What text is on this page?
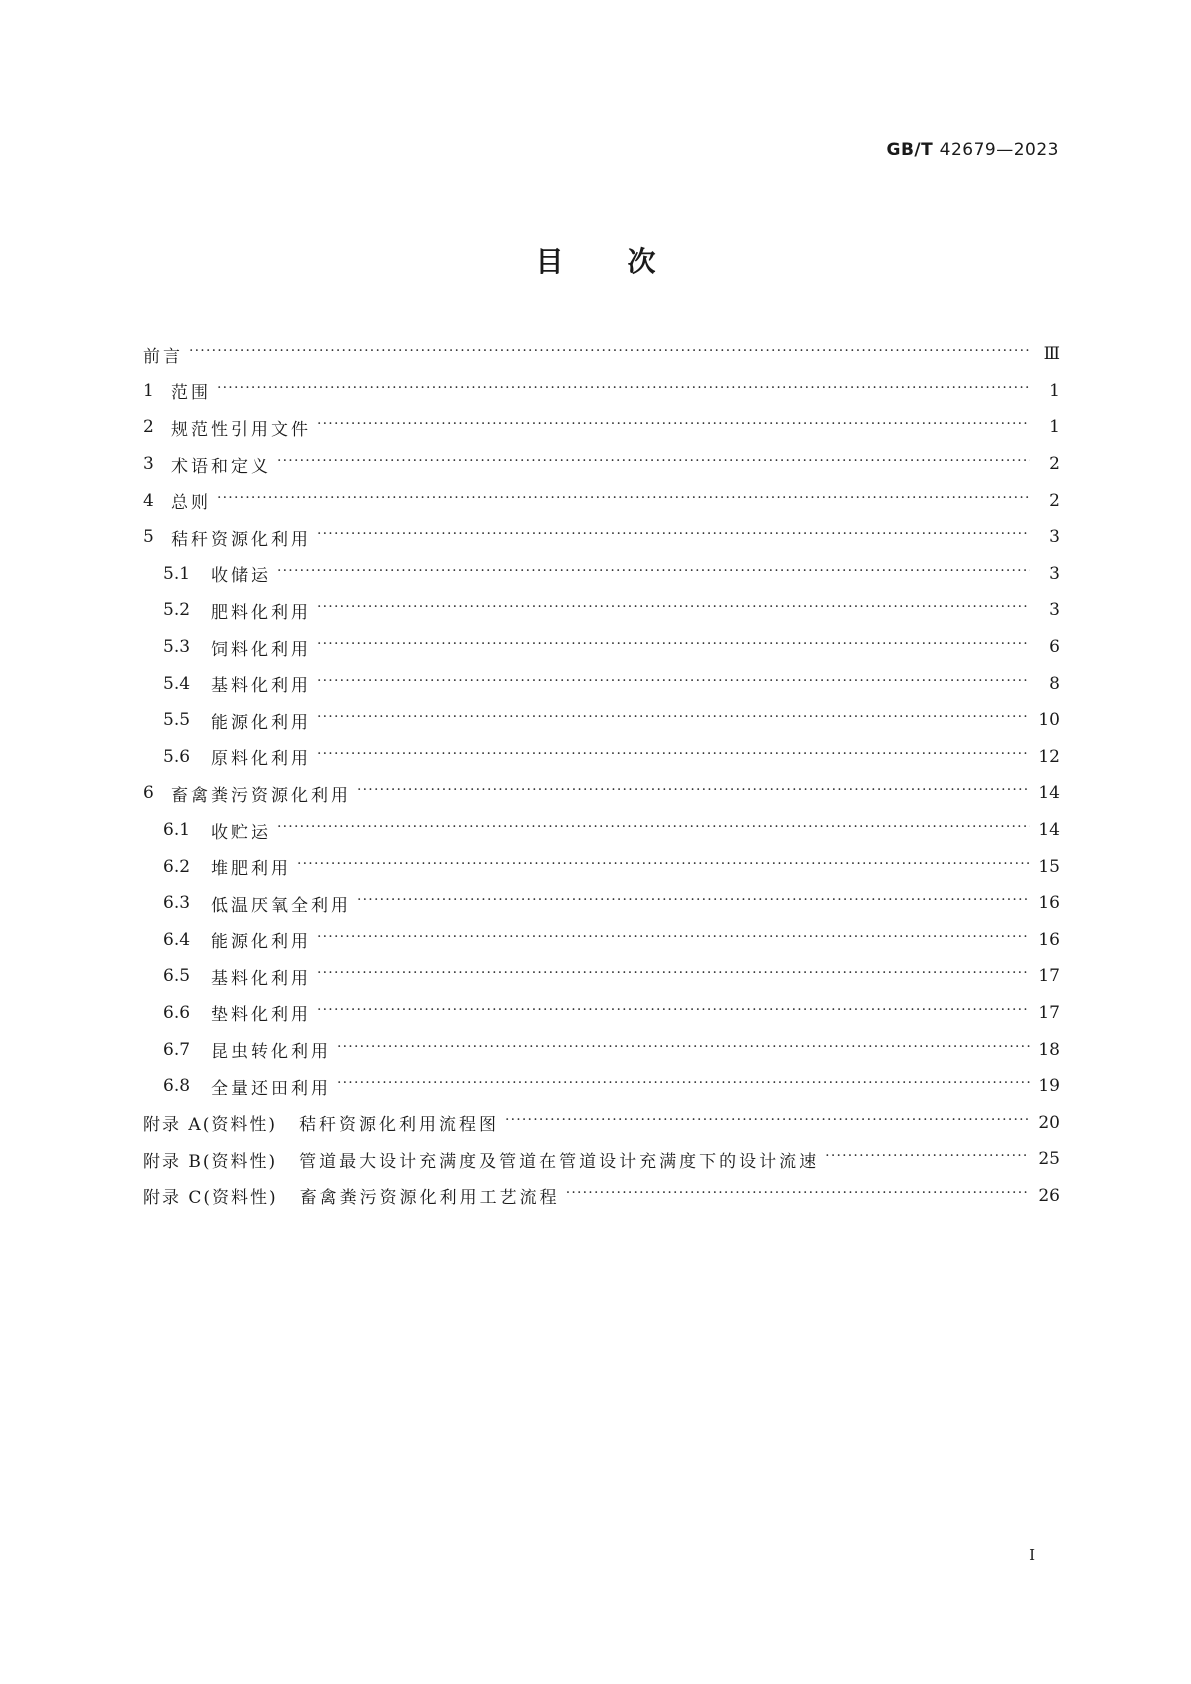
GB/T 42679—2023
目次
前言 ·····	Ⅲ
1	范围 ·····	1
2	规范性引用文件 ·····	1
3	术语和定义 ·····	2
4	总则 ·····	2
5	秸秆资源化利用 ·····	3
5.1	收储运 ·····	3
5.2	肥料化利用 ·····	3
5.3	饲料化利用 ·····	6
5.4	基料化利用 ·····	8
5.5	能源化利用 ·····	10
5.6	原料化利用 ·····	12
6	畜禽粪污资源化利用 ·····	14
6.1	收贮运 ·····	14
6.2	堆肥利用 ·····	15
6.3	低温厌氧全利用 ·····	16
6.4	能源化利用 ·····	16
6.5	基料化利用 ·····	17
6.6	垫料化利用 ·····	17
6.7	昆虫转化利用 ·····	18
6.8	全量还田利用 ·····	19
附录 A (资料性)	秸秆资源化利用流程图 ·····	20
附录 B (资料性)	管道最大设计充满度及管道在管道设计充满度下的设计流速 ·····	25
附录 C (资料性)	畜禽粪污资源化利用工艺流程 ·····	26
I
